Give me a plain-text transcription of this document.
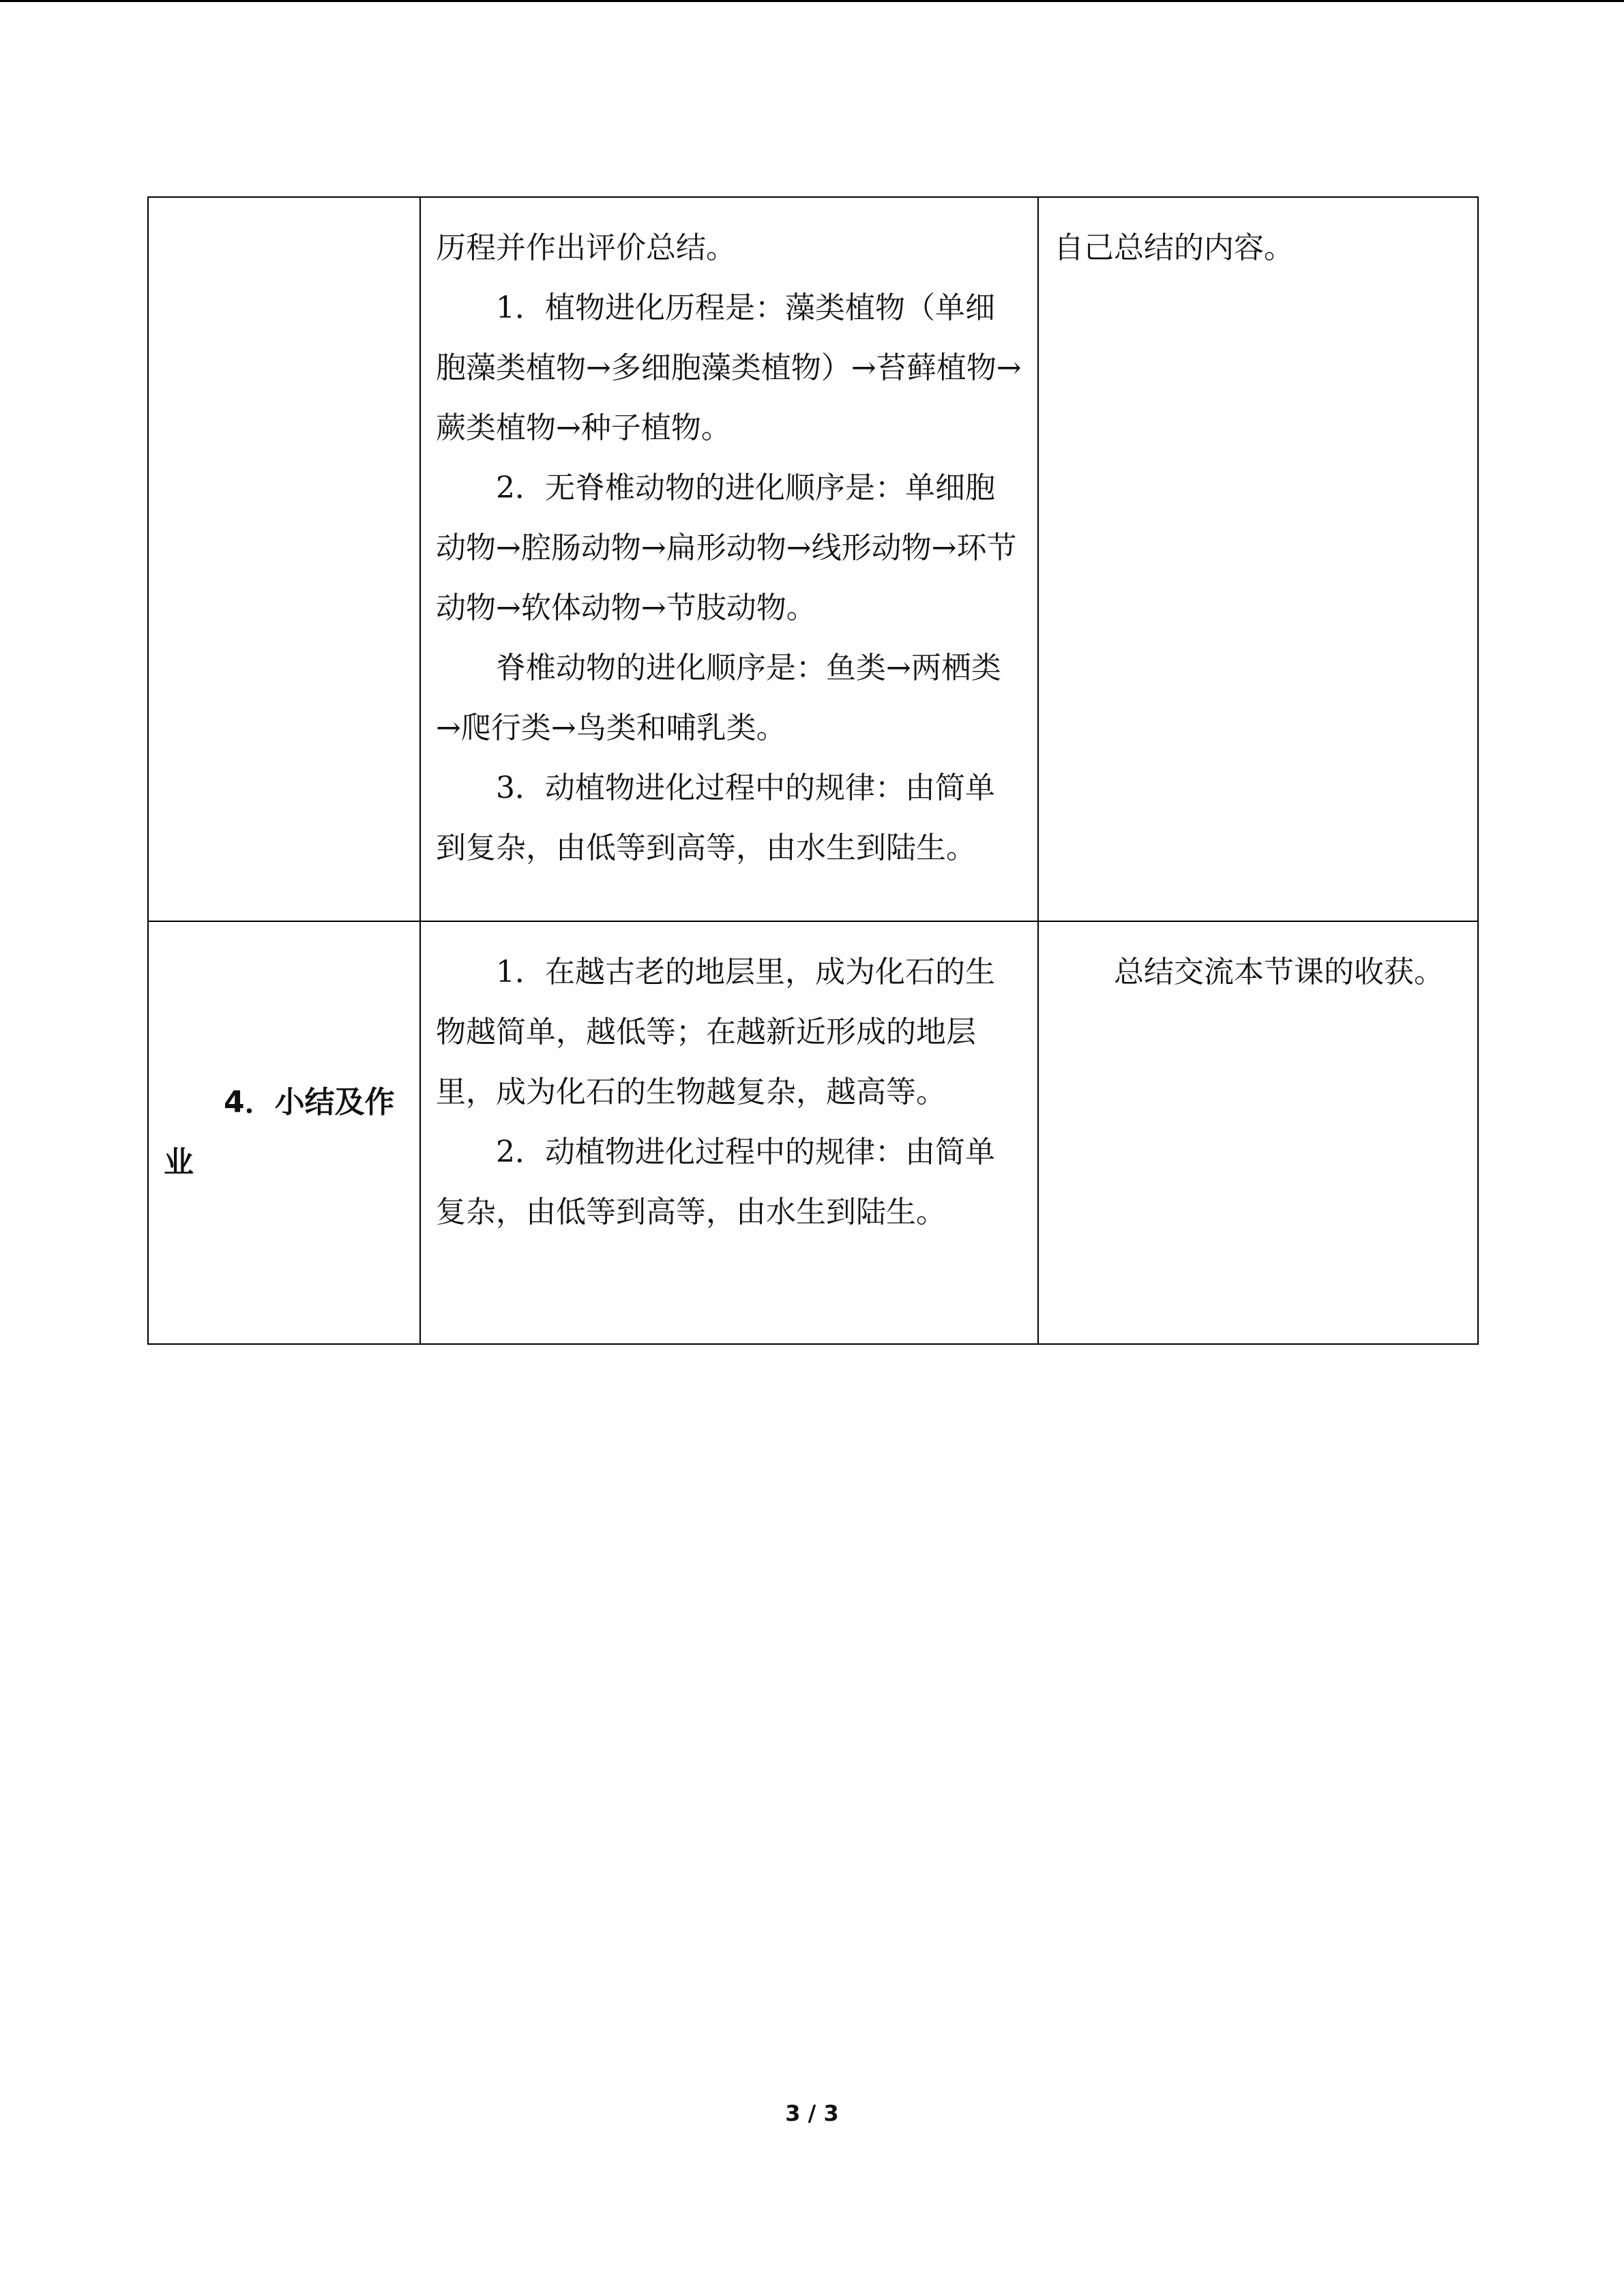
	历程并作出评价总结。

1．植物进化历程是：藻类植物（单细胞藻类植物→多细胞藻类植物）→苔藓植物→蕨类植物→种子植物。

2．无脊椎动物的进化顺序是：单细胞动物→腔肠动物→扁形动物→线形动物→环节动物→软体动物→节肢动物。

脊椎动物的进化顺序是：鱼类→两栖类→爬行类→鸟类和哺乳类。

3．动植物进化过程中的规律：由简单到复杂，由低等到高等，由水生到陆生。	自己总结的内容。

4．小结及作业	1．在越古老的地层里，成为化石的生物越简单，越低等；在越新近形成的地层里，成为化石的生物越复杂，越高等。

2．动植物进化过程中的规律：由简单复杂，由低等到高等，由水生到陆生。	总结交流本节课的收获。

3 / 3
